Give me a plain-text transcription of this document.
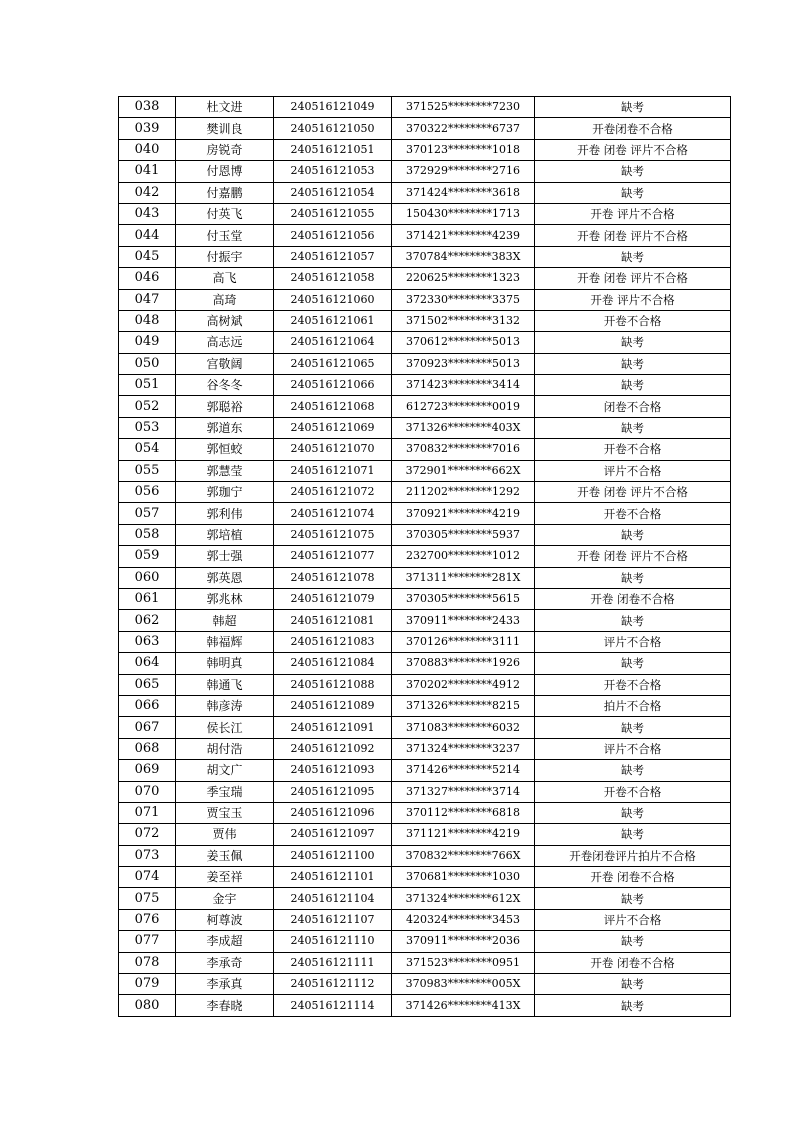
038	杜文进	240516121049	371525********7230	缺考
039	樊训良	240516121050	370322********6737	开卷闭卷不合格
040	房锐奇	240516121051	370123********1018	开卷 闭卷 评片不合格
041	付恩博	240516121053	372929********2716	缺考
042	付嘉鹏	240516121054	371424********3618	缺考
043	付英飞	240516121055	150430********1713	开卷 评片不合格
044	付玉堂	240516121056	371421********4239	开卷 闭卷 评片不合格
045	付振宇	240516121057	370784********383X	缺考
046	高飞	240516121058	220625********1323	开卷 闭卷 评片不合格
047	高琦	240516121060	372330********3375	开卷 评片不合格
048	高树斌	240516121061	371502********3132	开卷不合格
049	高志远	240516121064	370612********5013	缺考
050	宫敬阔	240516121065	370923********5013	缺考
051	谷冬冬	240516121066	371423********3414	缺考
052	郭聪裕	240516121068	612723********0019	闭卷不合格
053	郭道东	240516121069	371326********403X	缺考
054	郭恒蛟	240516121070	370832********7016	开卷不合格
055	郭慧莹	240516121071	372901********662X	评片不合格
056	郭珈宁	240516121072	211202********1292	开卷 闭卷 评片不合格
057	郭利伟	240516121074	370921********4219	开卷不合格
058	郭培植	240516121075	370305********5937	缺考
059	郭士强	240516121077	232700********1012	开卷 闭卷 评片不合格
060	郭英恩	240516121078	371311********281X	缺考
061	郭兆林	240516121079	370305********5615	开卷 闭卷不合格
062	韩超	240516121081	370911********2433	缺考
063	韩福辉	240516121083	370126********3111	评片不合格
064	韩明真	240516121084	370883********1926	缺考
065	韩通飞	240516121088	370202********4912	开卷不合格
066	韩彦涛	240516121089	371326********8215	拍片不合格
067	侯长江	240516121091	371083********6032	缺考
068	胡付浩	240516121092	371324********3237	评片不合格
069	胡文广	240516121093	371426********5214	缺考
070	季宝瑞	240516121095	371327********3714	开卷不合格
071	贾宝玉	240516121096	370112********6818	缺考
072	贾伟	240516121097	371121********4219	缺考
073	姜玉佩	240516121100	370832********766X	开卷闭卷评片拍片不合格
074	姜至祥	240516121101	370681********1030	开卷 闭卷不合格
075	金宇	240516121104	371324********612X	缺考
076	柯尊波	240516121107	420324********3453	评片不合格
077	李成超	240516121110	370911********2036	缺考
078	李承奇	240516121111	371523********0951	开卷 闭卷不合格
079	李承真	240516121112	370983********005X	缺考
080	李春晓	240516121114	371426********413X	缺考
